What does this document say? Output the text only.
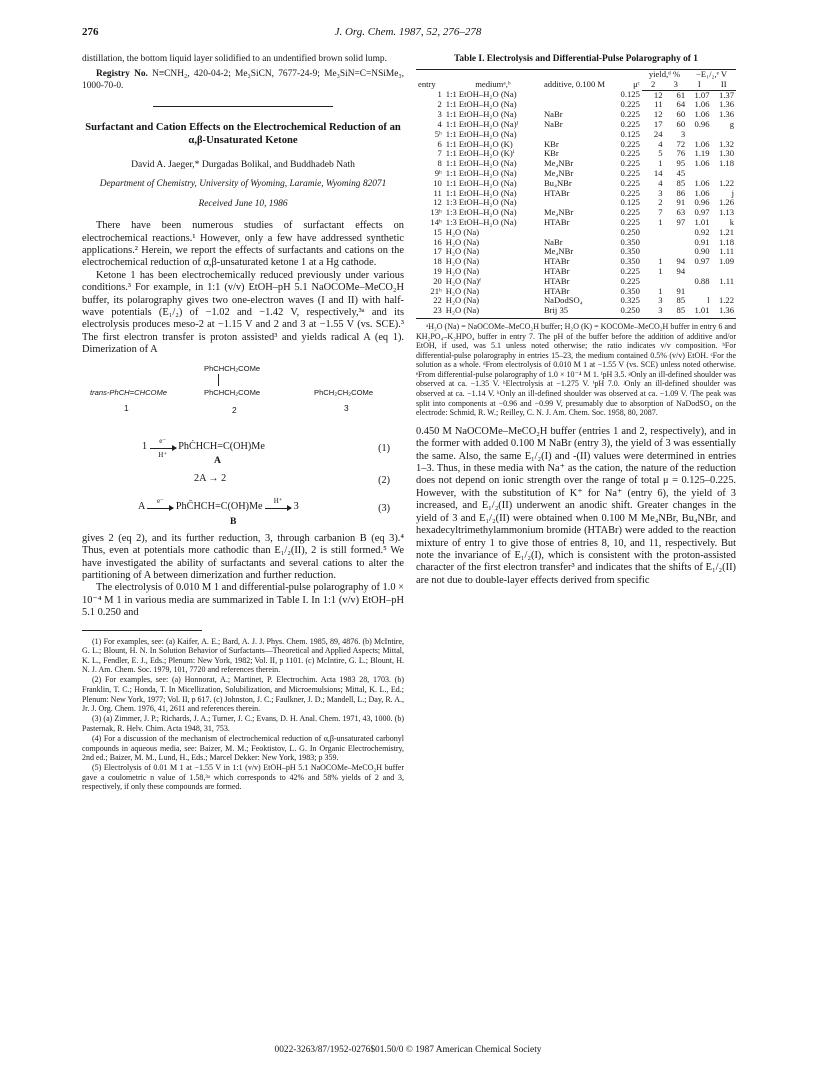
276	J. Org. Chem. 1987, 52, 276–278

distillation, the bottom liquid layer solidified to an undentified brown solid lump.

Registry No. N≡CNH₂, 420-04-2; Me₃SiCN, 7677-24-9; Me₃SiN=C=NSiMe₃, 1000-70-0.

Surfactant and Cation Effects on the Electrochemical Reduction of an α,β-Unsaturated Ketone
David A. Jaeger,* Durgadas Bolikal, and Buddhadeb Nath
Department of Chemistry, University of Wyoming, Laramie, Wyoming 82071
Received June 10, 1986

There have been numerous studies of surfactant effects on electrochemical reactions.¹ However, only a few have addressed synthetic applications.² Herein, we report the effects of surfactants and cations on the electrochemical reduction of α,β-unsaturated ketone 1 at a Hg cathode.

Ketone 1 has been electrochemically reduced previously under various conditions.³ For example, in 1:1 (v/v) EtOH–pH 5.1 NaOCOMe–MeCO₂H buffer, its polarography gives two one-electron waves (I and II) with half-wave potentials (E₁/₂) of −1.02 and −1.42 V, respectively,³ᵃ and its electrolysis produces meso-2 at −1.15 V and 2 and 3 at −1.55 V (vs. SCE).³ The first electron transfer is proton assisted³ and yields radical A (eq 1). Dimerization of A

PhCHCH₂COMe
trans-PhCH=CHCOMe	PhCHCH₂COMe	PhCH₂CH₂COMe
1	2	3
$1 \frac{e^-}{H^+}$ PhĊHCH=C(OH)Me
A
(1)
2A → 2	(2)
A	e⁻	PhC̄HCH=C(OH)Me	H⁺	3
B
(3)

gives 2 (eq 2), and its further reduction, 3, through carbanion B (eq 3).⁴ Thus, even at potentials more cathodic than E₁/₂(II), 2 is still formed.⁵ We have investigated the ability of surfactants and several cations to alter the partitioning of A between dimerization and further reduction.

The electrolysis of 0.010 M 1 and differential-pulse polarography of 1.0 × 10⁻⁴ M 1 in various media are summarized in Table I. In 1:1 (v/v) EtOH–pH 5.1 0.250 and

(1) For examples, see: (a) Kaifer, A. E.; Bard, A. J. J. Phys. Chem. 1985, 89, 4876. (b) McIntire, G. L.; Blount, H. N. In Solution Behavior of Surfactants—Theoretical and Applied Aspects; Mittal, K. L., Fendler, E. J., Eds.; Plenum: New York, 1982; Vol. II, p 1101. (c) McIntire, G. L.; Blount, H. N. J. Am. Chem. Soc. 1979, 101, 7720 and references therein.

(2) For examples, see: (a) Honnorat, A.; Martinet, P. Electrochim. Acta 1983 28, 1703. (b) Franklin, T. C.; Honda, T. In Micellization, Solubilization, and Microemulsions; Mittal, K. L., Ed.; Plenum: New York, 1977; Vol. II, p 617. (c) Johnston, J. C.; Faulkner, J. D.; Mandell, L.; Day, R. A., Jr. J. Org. Chem. 1976, 41, 2611 and references therein.

(3) (a) Zimmer, J. P.; Richards, J. A.; Turner, J. C.; Evans, D. H. Anal. Chem. 1971, 43, 1000. (b) Pasternak, R. Helv. Chim. Acta 1948, 31, 753.

(4) For a discussion of the mechanism of electrochemical reduction of α,β-unsaturated carbonyl compounds in aqueous media, see: Baizer, M. M.; Feoktistov, L. G. In Organic Electrochemistry, 2nd ed.; Baizer, M. M., Lund, H., Eds.; Marcel Dekker: New York, 1983; p 359.

(5) Electrolysis of 0.01 M 1 at −1.55 V in 1:1 (v/v) EtOH–pH 5.1 NaOCOMe–MeCO₂H buffer gave a coulometric n value of 1.58,³ᵃ which corresponds to 42% and 58% yields of 2 and 3, respectively, if only these compounds are formed.

Table I. Electrolysis and Differential-Pulse Polarography of 1
entry	mediumᵃ,ᵇ	additive, 0.100 M	μᶜ	yield,ᵈ %		−E₁/₂,ᵉ V	

				2	3	I	II
1	1:1 EtOH–H₂O (Na)		0.125	12	61	1.07	1.37
2	1:1 EtOH–H₂O (Na)		0.225	11	64	1.06	1.36
3	1:1 EtOH–H₂O (Na)	NaBr	0.225	12	60	1.06	1.36
4	1:1 EtOH–H₂O (Na)ᶠ	NaBr	0.225	17	60	0.96	g
5ʰ	1:1 EtOH–H₂O (Na)		0.125	24	3		
6	1:1 EtOH–H₂O (K)	KBr	0.225	4	72	1.06	1.32
7	1:1 EtOH–H₂O (K)ⁱ	KBr	0.225	5	76	1.19	1.30
8	1:1 EtOH–H₂O (Na)	Me₄NBr	0.225	1	95	1.06	1.18
9ʰ	1:1 EtOH–H₂O (Na)	Me₄NBr	0.225	14	45		
10	1:1 EtOH–H₂O (Na)	Bu₄NBr	0.225	4	85	1.06	1.22
11	1:1 EtOH–H₂O (Na)	HTABr	0.225	3	86	1.06	j
12	1:3 EtOH–H₂O (Na)		0.125	2	91	0.96	1.26
13ʰ	1:3 EtOH–H₂O (Na)	Me₄NBr	0.225	7	63	0.97	1.13
14ʰ	1:3 EtOH–H₂O (Na)	HTABr	0.225	1	97	1.01	k
15	H₂O (Na)		0.250			0.92	1.21
16	H₂O (Na)	NaBr	0.350			0.91	1.18
17	H₂O (Na)	Me₄NBr	0.350			0.90	1.11
18	H₂O (Na)	HTABr	0.350	1	94	0.97	1.09
19	H₂O (Na)	HTABr	0.225	1	94		
20	H₂O (Na)ᶠ	HTABr	0.225			0.88	1.11
21ʰ	H₂O (Na)	HTABr	0.350	1	91		
22	H₂O (Na)	NaDodSO₄	0.325	3	85	l	1.22
23	H₂O (Na)	Brij 35	0.250	3	85	1.01	1.36

ᵃH₂O (Na) = NaOCOMe–MeCO₂H buffer; H₂O (K) = KOCOMe–MeCO₂H buffer in entry 6 and KH₂PO₄–K₂HPO₄ buffer in entry 7. The pH of the buffer before the addition of additive and/or EtOH, if used, was 5.1 unless noted otherwise; the ratio indicates v/v composition. ᵇFor differential-pulse polarography in entries 15–23, the medium contained 0.5% (v/v) EtOH. ᶜFor the solution as a whole. ᵈFrom electrolysis of 0.010 M 1 at −1.55 V (vs. SCE) unless noted otherwise. ᵉFrom differential-pulse polarography of 1.0 × 10⁻⁴ M 1. ᶠpH 3.5. ᵍOnly an ill-defined shoulder was observed at ca. −1.35 V. ʰElectrolysis at −1.275 V. ⁱpH 7.0. ʲOnly an ill-defined shoulder was observed at ca. −1.14 V. ᵏOnly an ill-defined shoulder was observed at ca. −1.09 V. ˡThe peak was split into components at −0.96 and −0.99 V, presumably due to absorption of NaDodSO₄ on the electrode: Schmid, R. W.; Reilley, C. N. J. Am. Chem. Soc. 1958, 80, 2087.

0.450 M NaOCOMe–MeCO₂H buffer (entries 1 and 2, respectively), and in the former with added 0.100 M NaBr (entry 3), the yield of 3 was essentially the same. Also, the same E₁/₂(I) and -(II) values were determined in entries 1–3. Thus, in these media with Na⁺ as the cation, the nature of the reduction does not depend on ionic strength over the range of total μ = 0.125–0.225. However, with the substitution of K⁺ for Na⁺ (entry 6), the yield of 3 increased, and E₁/₂(II) underwent an anodic shift. Greater changes in the yield of 3 and E₁/₂(II) were obtained when 0.100 M Me₄NBr, Bu₄NBr, and hexadecyltrimethylammonium bromide (HTABr) were added to the reaction mixture of entry 1 to give those of entries 8, 10, and 11, respectively. But note the invariance of E₁/₂(I), which is consistent with the proton-assisted character of the first electron transfer³ and indicates that the shifts of E₁/₂(II) are not due to double-layer effects derived from specific

0022-3263/87/1952-0276$01.50/0 © 1987 American Chemical Society
